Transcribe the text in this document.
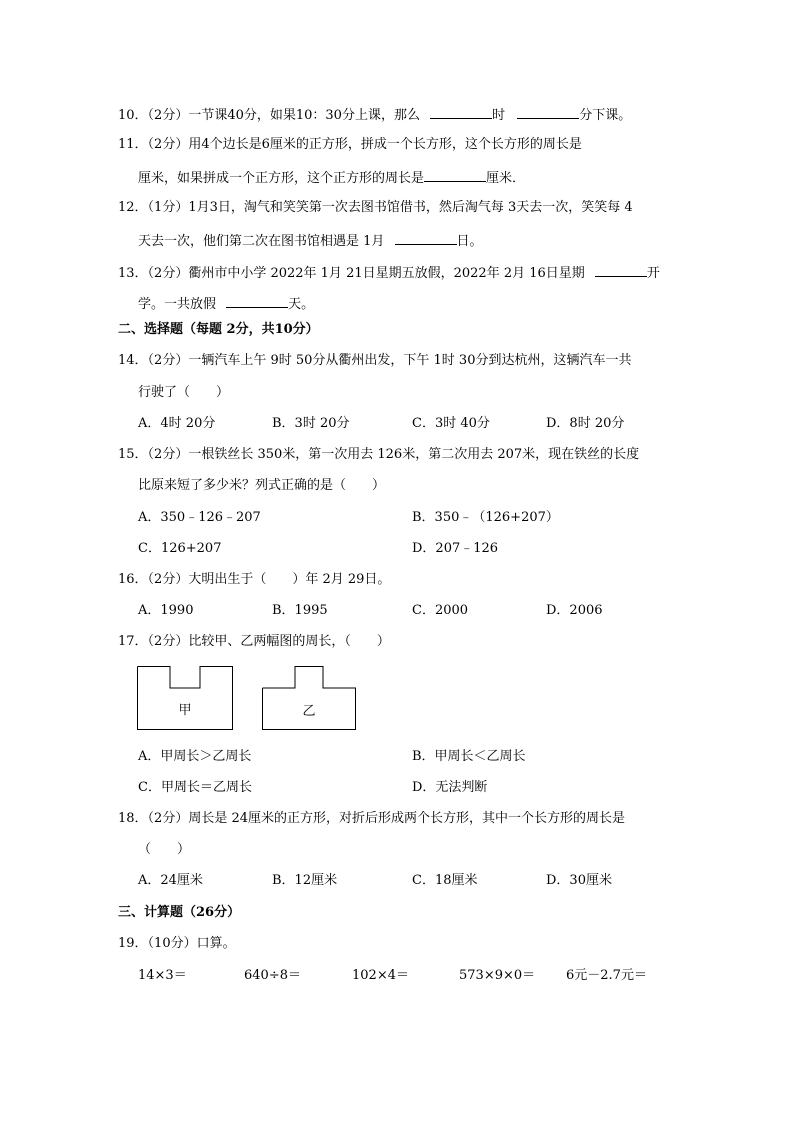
10．（2分）一节课40分，如果10：30分上课，那么	时	分下课。
11．（2分）用4个边长是6厘米的正方形，拼成一个长方形，这个长方形的周长是
厘米，如果拼成一个正方形，这个正方形的周长是	厘米．
12．（1分）1月3日，淘气和笑笑第一次去图书馆借书，然后淘气每 3天去一次，笑笑每 4
天去一次，他们第二次在图书馆相遇是 1月	日。
13．（2分）衢州市中小学 2022年 1月 21日星期五放假，2022年 2月 16日星期	开
学。一共放假	天。
二、选择题（每题 2分，共10分）
14．（2分）一辆汽车上午 9时 50分从衢州出发，下午 1时 30分到达杭州，这辆汽车一共
行驶了（　　）
A．4时 20分	B．3时 20分	C．3时 40分	D．8时 20分
15．（2分）一根铁丝长 350米，第一次用去 126米，第二次用去 207米，现在铁丝的长度
比原来短了多少米？列式正确的是（　　）
A．350﹣126﹣207	B．350﹣（126+207）
C．126+207	D．207﹣126
16．（2分）大明出生于（　　）年 2月 29日。
A．1990	B．1995	C．2000	D．2006
17．（2分）比较甲、乙两幅图的周长，（　　）
甲	乙
A．甲周长＞乙周长	B．甲周长＜乙周长
C．甲周长＝乙周长	D．无法判断
18．（2分）周长是 24厘米的正方形，对折后形成两个长方形，其中一个长方形的周长是
（　　）
A．24厘米	B．12厘米	C．18厘米	D．30厘米
三、计算题（26分）
19．（10分）口算。
14×3＝	640÷8＝	102×4＝	573×9×0＝ 6元－2.7元＝
